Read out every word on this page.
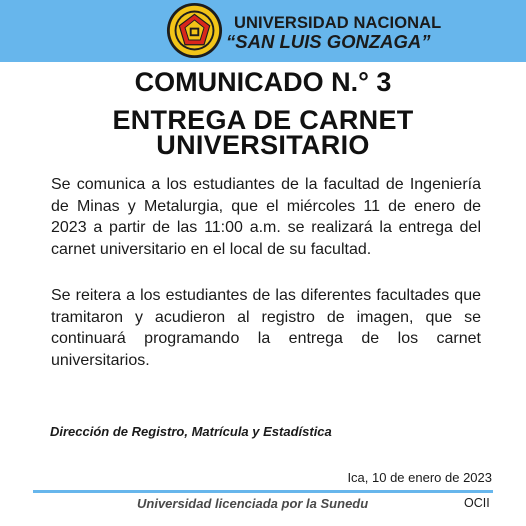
UNIVERSIDAD NACIONAL
“SAN LUIS GONZAGA”
COMUNICADO N.° 3
ENTREGA DE CARNET
UNIVERSITARIO
Se comunica a los estudiantes de la facultad de Ingeniería de Minas y Metalurgia, que el miércoles 11 de enero de 2023 a partir de las 11:00 a.m. se realizará la entrega del carnet universitario en el local de su facultad.
Se reitera a los estudiantes de las diferentes facultades que tramitaron y acudieron al registro de imagen, que se continuará programando la entrega de los carnet universitarios.
Dirección de Registro, Matrícula y Estadística
Ica, 10 de enero de 2023
Universidad licenciada por la Sunedu	OCII
